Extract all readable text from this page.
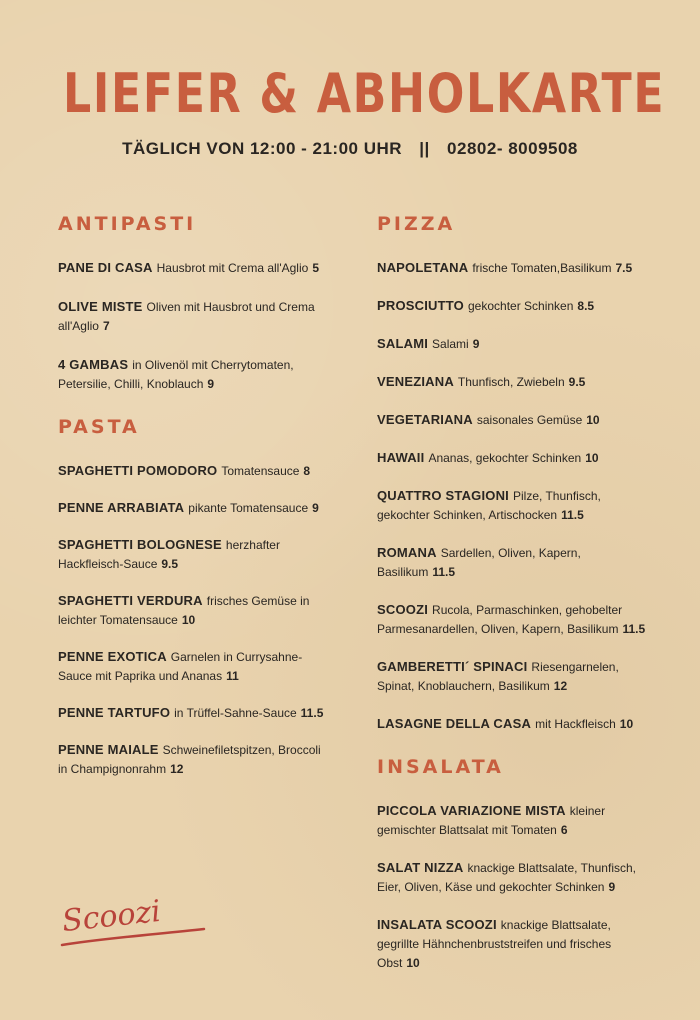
LIEFER & ABHOLKARTE
TÄGLICH VON 12:00 - 21:00 UHR || 02802- 8009508
ANTIPASTI
PANE DI CASA Hausbrot mit Crema all'Aglio 5
OLIVE MISTE Oliven mit Hausbrot und Crema all'Aglio 7
4 GAMBAS in Olivenöl mit Cherrytomaten, Petersilie, Chilli, Knoblauch 9
PASTA
SPAGHETTI POMODORO Tomatensauce 8
PENNE ARRABIATA pikante Tomatensauce 9
SPAGHETTI BOLOGNESE herzhafter Hackfleisch-Sauce 9.5
SPAGHETTI VERDURA frisches Gemüse in leichter Tomatensauce 10
PENNE EXOTICA Garnelen in Currysahne-Sauce mit Paprika und Ananas 11
PENNE TARTUFO in Trüffel-Sahne-Sauce 11.5
PENNE MAIALE Schweinefiletspitzen, Broccoli in Champignonrahm 12
PIZZA
NAPOLETANA frische Tomaten,Basilikum 7.5
PROSCIUTTO gekochter Schinken 8.5
SALAMI Salami 9
VENEZIANA Thunfisch, Zwiebeln 9.5
VEGETARIANA saisonales Gemüse 10
HAWAII Ananas, gekochter Schinken 10
QUATTRO STAGIONI Pilze, Thunfisch, gekochter Schinken, Artischocken 11.5
ROMANA Sardellen, Oliven, Kapern, Basilikum 11.5
SCOOZI Rucola, Parmaschinken, gehobelter Parmesanardellen, Oliven, Kapern, Basilikum 11.5
GAMBERETTI´ SPINACI Riesengarnelen, Spinat, Knoblauchern, Basilikum 12
LASAGNE DELLA CASA mit Hackfleisch 10
INSALATA
PICCOLA VARIAZIONE MISTA kleiner gemischter Blattsalat mit Tomaten 6
SALAT NIZZA knackige Blattsalate, Thunfisch, Eier, Oliven, Käse und gekochter Schinken 9
INSALATA SCOOZI knackige Blattsalate, gegrillte Hähnchenbruststreifen und frisches Obst 10
Scoozi
